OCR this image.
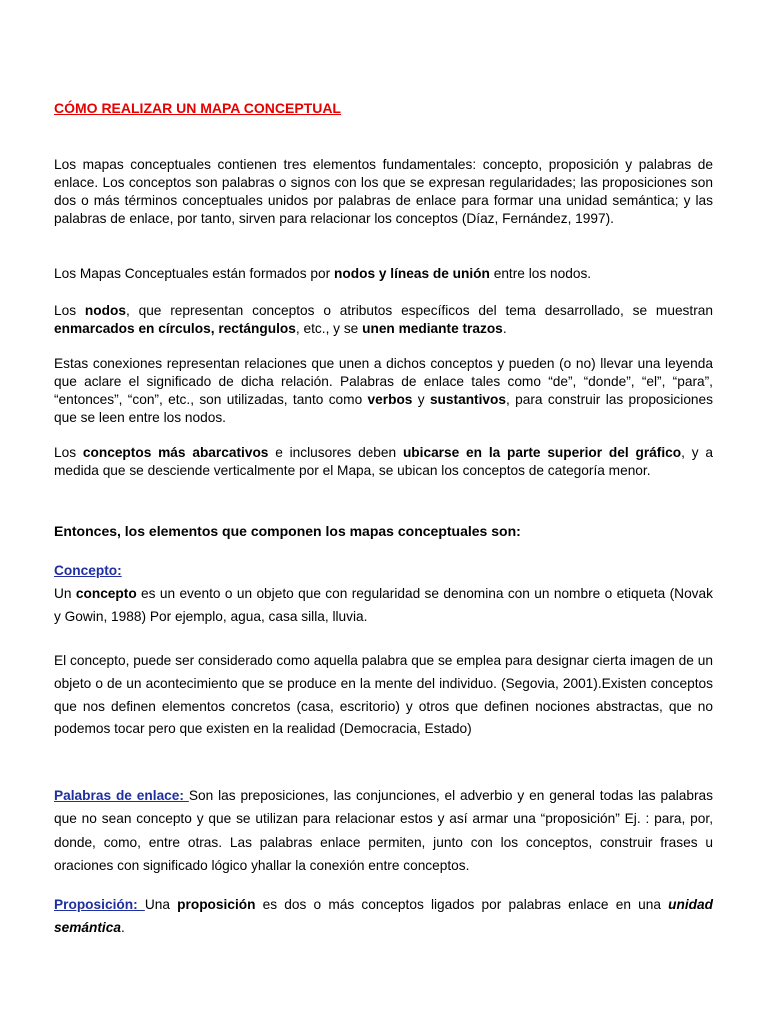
CÓMO REALIZAR UN MAPA CONCEPTUAL

Los mapas conceptuales contienen tres elementos fundamentales: concepto, proposición y palabras de enlace. Los conceptos son palabras o signos con los que se expresan regularidades; las proposiciones son dos o más términos conceptuales unidos por palabras de enlace para formar una unidad semántica; y las palabras de enlace, por tanto, sirven para relacionar los conceptos (Díaz, Fernández, 1997).

Los Mapas Conceptuales están formados por nodos y líneas de unión entre los nodos.

Los nodos, que representan conceptos o atributos específicos del tema desarrollado, se muestran enmarcados en círculos, rectángulos, etc., y se unen mediante trazos.

Estas conexiones representan relaciones que unen a dichos conceptos y pueden (o no) llevar una leyenda que aclare el significado de dicha relación. Palabras de enlace tales como “de”, “donde”, “el”, “para”, “entonces”, “con”, etc., son utilizadas, tanto como verbos y sustantivos, para construir las proposiciones que se leen entre los nodos.

Los conceptos más abarcativos e inclusores deben ubicarse en la parte superior del gráfico, y a medida que se desciende verticalmente por el Mapa, se ubican los conceptos de categoría menor.

Entonces, los elementos que componen los mapas conceptuales son:

Concepto:
Un concepto es un evento o un objeto que con regularidad se denomina con un nombre o etiqueta (Novak y Gowin, 1988) Por ejemplo, agua, casa silla, lluvia.

El concepto, puede ser considerado como aquella palabra que se emplea para designar cierta imagen de un objeto o de un acontecimiento que se produce en la mente del individuo. (Segovia, 2001).Existen conceptos que nos definen elementos concretos (casa, escritorio) y otros que definen nociones abstractas, que no podemos tocar pero que existen en la realidad (Democracia, Estado)

Palabras de enlace: Son las preposiciones, las conjunciones, el adverbio y en general todas las palabras que no sean concepto y que se utilizan para relacionar estos y así armar una “proposición” Ej. : para, por, donde, como, entre otras. Las palabras enlace permiten, junto con los conceptos, construir frases u oraciones con significado lógico yhallar la conexión entre conceptos.

Proposición: Una proposición es dos o más conceptos ligados por palabras enlace en una unidad semántica.
